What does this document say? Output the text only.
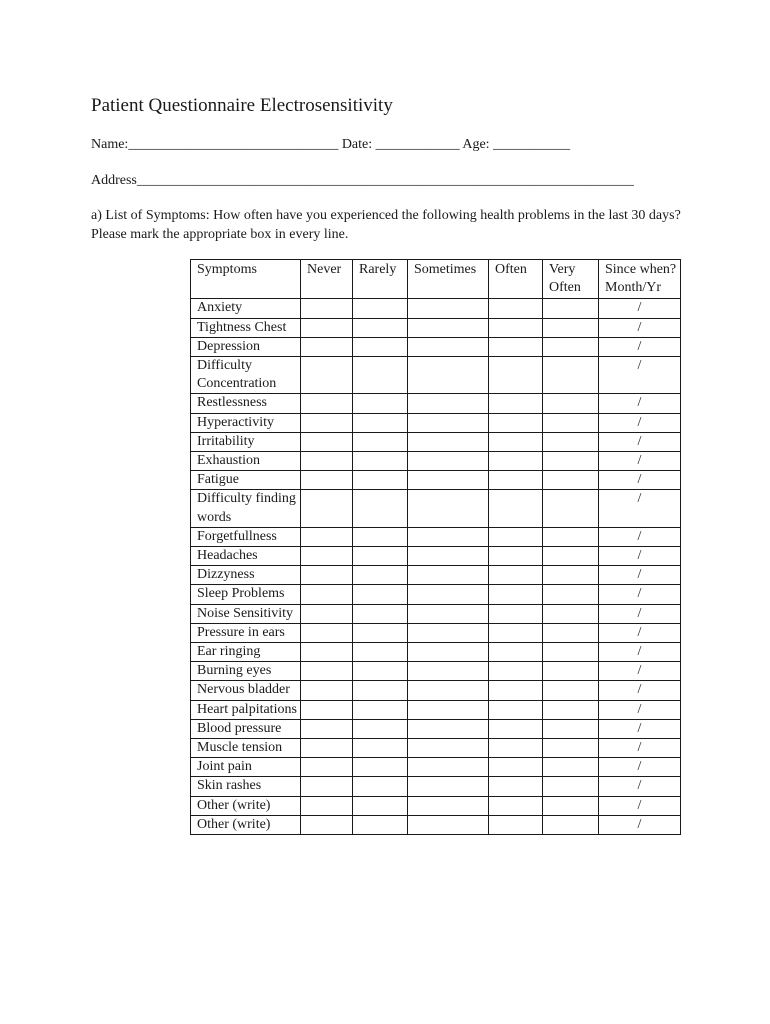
Patient Questionnaire Electrosensitivity
Name:______________________________ Date: ____________ Age: ___________
Address_______________________________________________________________________
a) List of Symptoms: How often have you experienced the following health problems in the last 30 days? Please mark the appropriate box in every line.
Symptoms	Never	Rarely	Sometimes	Often	Very Often	Since when? Month/Yr
Anxiety						/
Tightness Chest						/
Depression						/
Difficulty Concentration						/
Restlessness						/
Hyperactivity						/
Irritability						/
Exhaustion						/
Fatigue						/
Difficulty finding words						/
Forgetfullness						/
Headaches						/
Dizzyness						/
Sleep Problems						/
Noise Sensitivity						/
Pressure in ears						/
Ear ringing						/
Burning eyes						/
Nervous bladder						/
Heart palpitations						/
Blood pressure						/
Muscle tension						/
Joint pain						/
Skin rashes						/
Other (write)						/
Other (write)						/
